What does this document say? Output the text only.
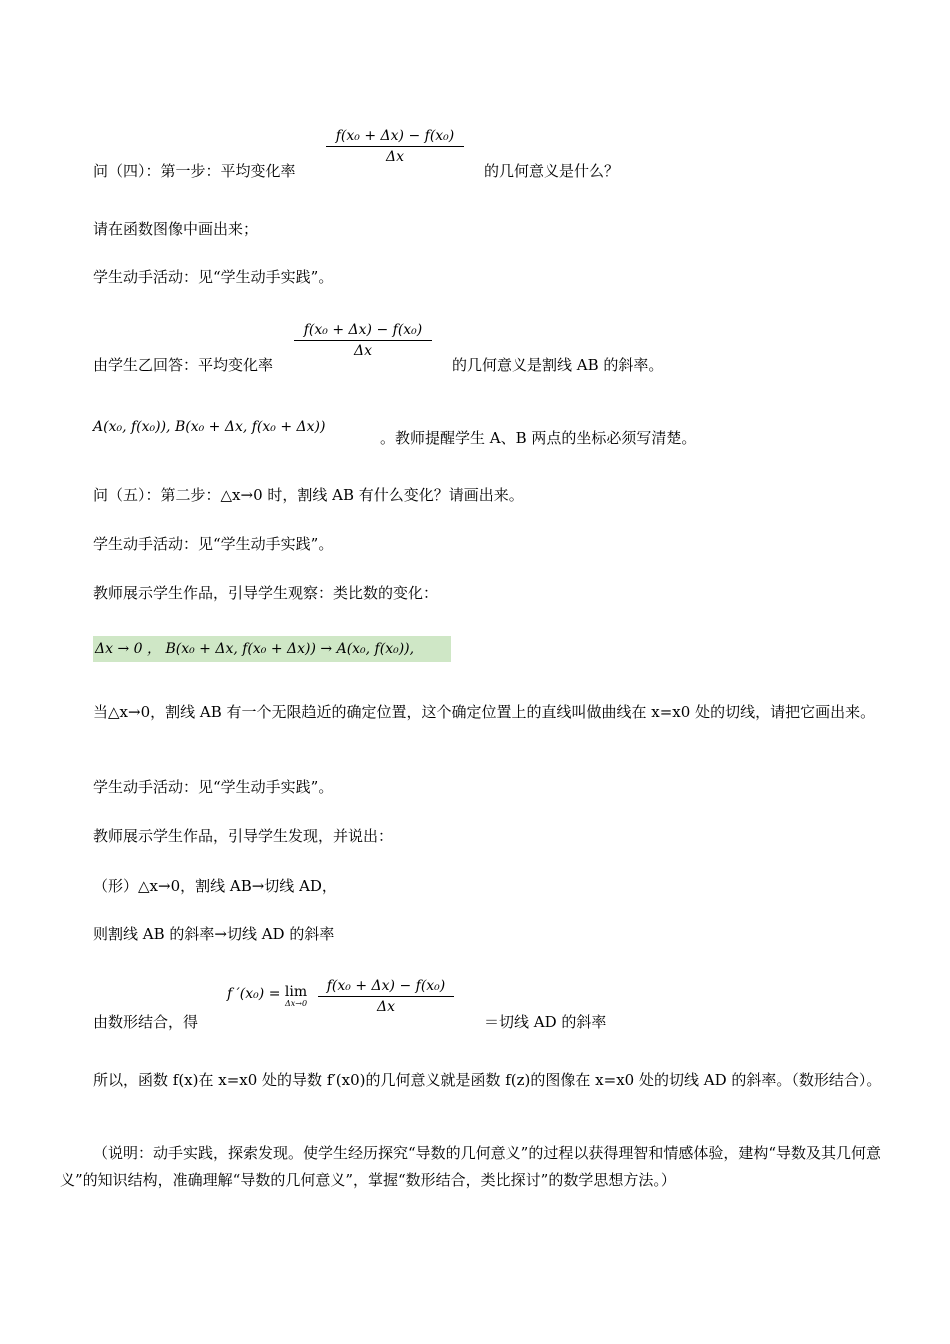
$\frac{\text{f(x₀ + Δx) − f(x₀)}}{\Delta x}$
问（四）：第一步：平均变化率	的几何意义是什么？
请在函数图像中画出来；
学生动手活动：见“学生动手实践”。
$\frac{\text{f(x₀ + Δx) − f(x₀)}}{\Delta x}$
由学生乙回答：平均变化率	的几何意义是割线 AB 的斜率。
A(x₀, f(x₀)), B(x₀ + Δx, f(x₀ + Δx))
。教师提醒学生 A、B 两点的坐标必须写清楚。
问（五）：第二步：△x→0 时，割线 AB 有什么变化？请画出来。
学生动手活动：见“学生动手实践”。
教师展示学生作品，引导学生观察：类比数的变化：
Δx → 0 ， B(x₀ + Δx, f(x₀ + Δx)) → A(x₀, f(x₀)),
当△x→0，割线 AB 有一个无限趋近的确定位置，这个确定位置上的直线叫做曲线在 x=x0 处的切线，请把它画出来。
学生动手活动：见“学生动手实践”。
教师展示学生作品，引导学生发现，并说出：
（形）△x→0，割线 AB→切线 AD，
则割线 AB 的斜率→切线 AD 的斜率
f ′(x₀) = lim
$\Delta x\to 0 \frac{\text{f(x₀ + Δx) − f(x₀)}}{\Delta x}$
由数形结合，得	＝切线 AD 的斜率
所以，函数 f(x)在 x=x0 处的导数 f′(x0)的几何意义就是函数 f(z)的图像在 x=x0 处的切线 AD 的斜率。（数形结合）。
（说明：动手实践，探索发现。使学生经历探究“导数的几何意义”的过程以获得理智和情感体验，建构“导数及其几何意义”的知识结构，准确理解“导数的几何意义”，掌握“数形结合，类比探讨”的数学思想方法。）
